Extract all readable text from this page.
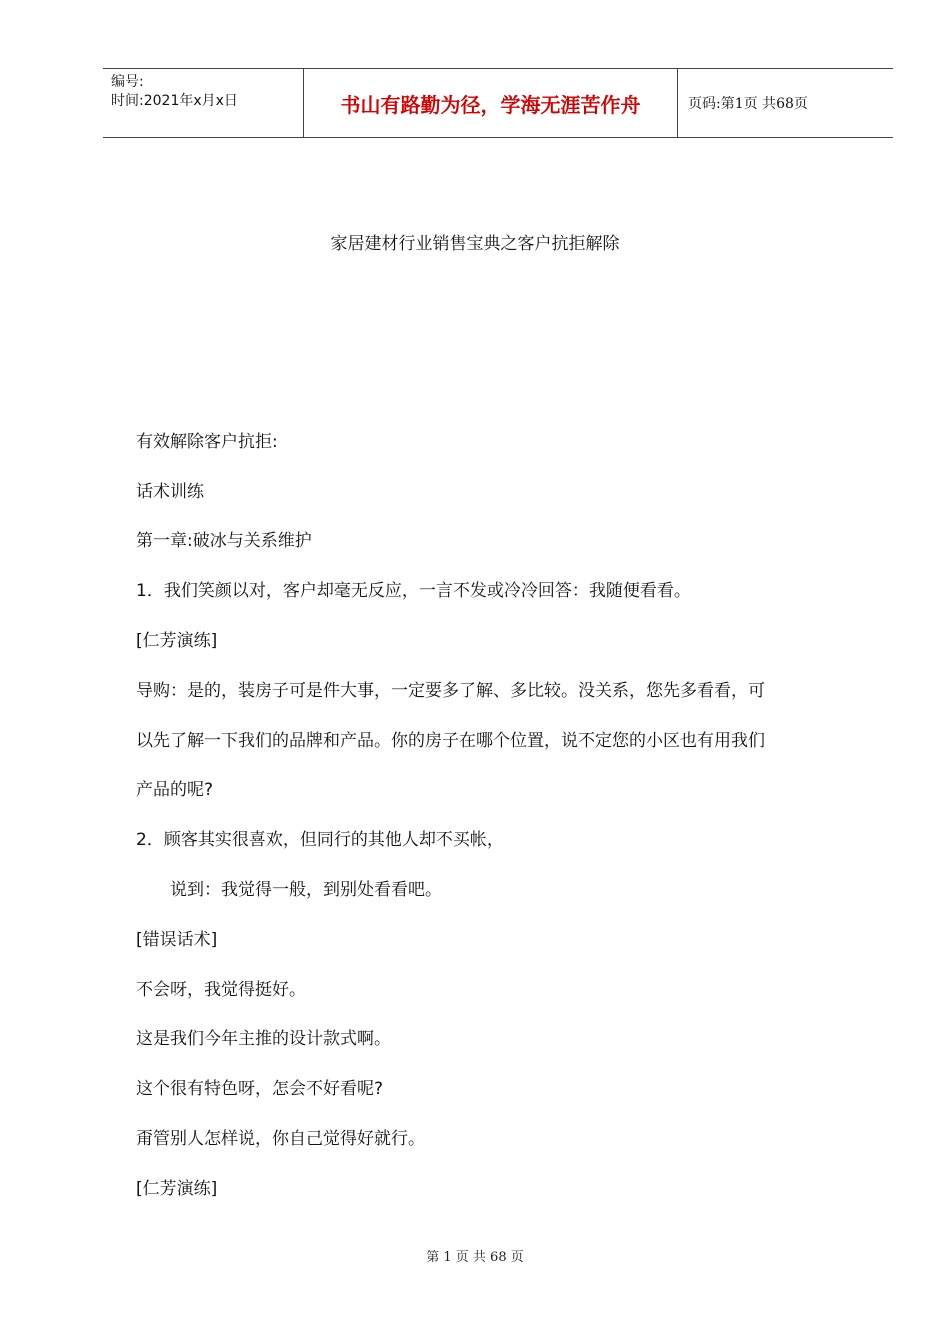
编号:
时间:2021年x月x日	书山有路勤为径，学海无涯苦作舟	页码:第1页 共68页
家居建材行业销售宝典之客户抗拒解除

有效解除客户抗拒:

话术训练

第一章:破冰与关系维护

1．我们笑颜以对，客户却毫无反应，一言不发或冷冷回答：我随便看看。

[仁芳演练]

导购：是的，装房子可是件大事，一定要多了解、多比较。没关系，您先多看看，可

以先了解一下我们的品牌和产品。你的房子在哪个位置，说不定您的小区也有用我们

产品的呢?

2．顾客其实很喜欢，但同行的其他人却不买帐，

说到：我觉得一般，到别处看看吧。

[错误话术]

不会呀，我觉得挺好。

这是我们今年主推的设计款式啊。

这个很有特色呀，怎会不好看呢?

甭管别人怎样说，你自己觉得好就行。

[仁芳演练]

第 1 页 共 68 页
